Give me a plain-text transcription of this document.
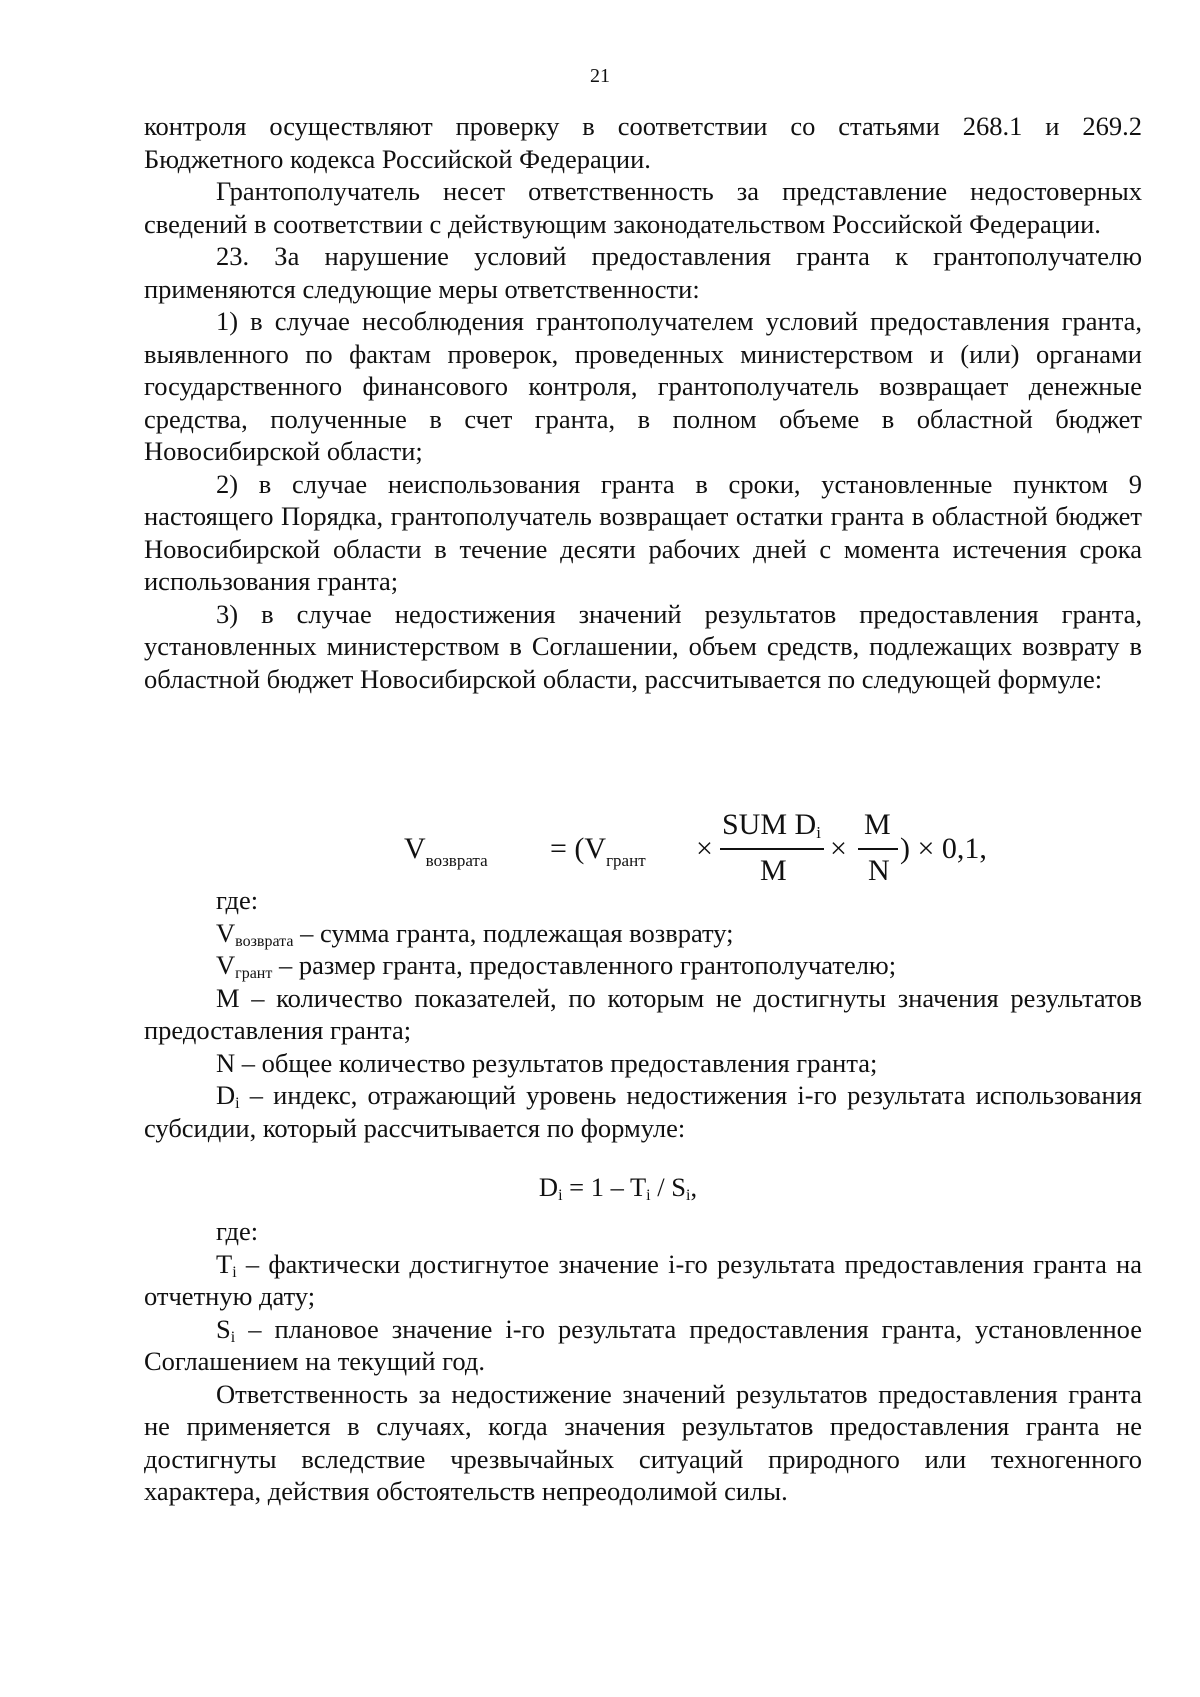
21

контроля осуществляют проверку в соответствии со статьями 268.1 и 269.2

Бюджетного кодекса Российской Федерации.

Грантополучатель несет ответственность за представление недостоверных сведений в соответствии с действующим законодательством Российской Федерации.

23. За нарушение условий предоставления гранта к грантополучателю применяются следующие меры ответственности:

1) в случае несоблюдения грантополучателем условий предоставления гранта, выявленного по фактам проверок, проведенных министерством и (или) органами государственного финансового контроля, грантополучатель возвращает денежные средства, полученные в счет гранта, в полном объеме в областной бюджет Новосибирской области;

2) в случае неиспользования гранта в сроки, установленные пунктом 9 настоящего Порядка, грантополучатель возвращает остатки гранта в областной бюджет Новосибирской области в течение десяти рабочих дней с момента истечения срока использования гранта;

3) в случае недостижения значений результатов предоставления гранта, установленных министерством в Соглашении, объем средств, подлежащих возврату в областной бюджет Новосибирской области, рассчитывается по следующей формуле:

$V_{возврата} = (V_{грант}$ ×
SUM $D_i$
M
×
M
N
) × 0,1,

где:

$V_{возврата}$ – сумма гранта, подлежащая возврату;

$V_{грант}$ – размер гранта, предоставленного грантополучателю;

M – количество показателей, по которым не достигнуты значения результатов предоставления гранта;

N – общее количество результатов предоставления гранта;

$D_i$ – индекс, отражающий уровень недостижения i-го результата использования субсидии, который рассчитывается по формуле:

$D_i = 1 - T_i / S_i$,

где:

$T_i$ – фактически достигнутое значение i-го результата предоставления гранта на отчетную дату;

$S_i$ – плановое значение i-го результата предоставления гранта, установленное Соглашением на текущий год.

Ответственность за недостижение значений результатов предоставления гранта не применяется в случаях, когда значения результатов предоставления гранта не достигнуты вследствие чрезвычайных ситуаций природного или техногенного характера, действия обстоятельств непреодолимой силы.
